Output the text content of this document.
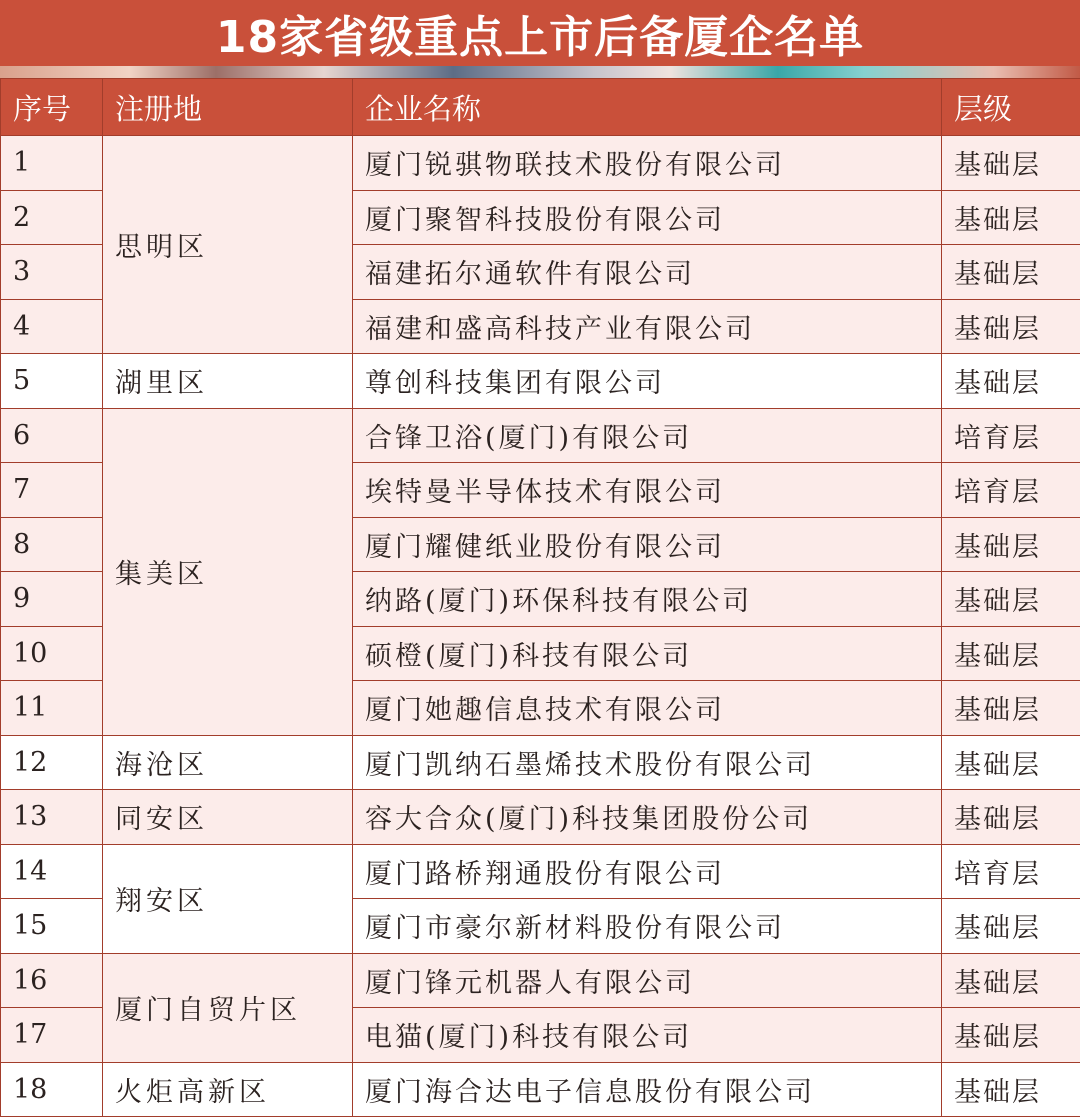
18家省级重点上市后备厦企名单
序号	注册地	企业名称	层级
1	思明区	厦门锐骐物联技术股份有限公司	基础层
2		厦门聚智科技股份有限公司	基础层
3		福建拓尔通软件有限公司	基础层
4		福建和盛高科技产业有限公司	基础层
5	湖里区	尊创科技集团有限公司	基础层
6	集美区	合锋卫浴(厦门)有限公司	培育层
7		埃特曼半导体技术有限公司	培育层
8		厦门耀健纸业股份有限公司	基础层
9		纳路(厦门)环保科技有限公司	基础层
10		硕橙(厦门)科技有限公司	基础层
11		厦门她趣信息技术有限公司	基础层
12	海沧区	厦门凯纳石墨烯技术股份有限公司	基础层
13	同安区	容大合众(厦门)科技集团股份公司	基础层
14	翔安区	厦门路桥翔通股份有限公司	培育层
15		厦门市豪尔新材料股份有限公司	基础层
16	厦门自贸片区	厦门锋元机器人有限公司	基础层
17		电猫(厦门)科技有限公司	基础层
18	火炬高新区	厦门海合达电子信息股份有限公司	基础层
